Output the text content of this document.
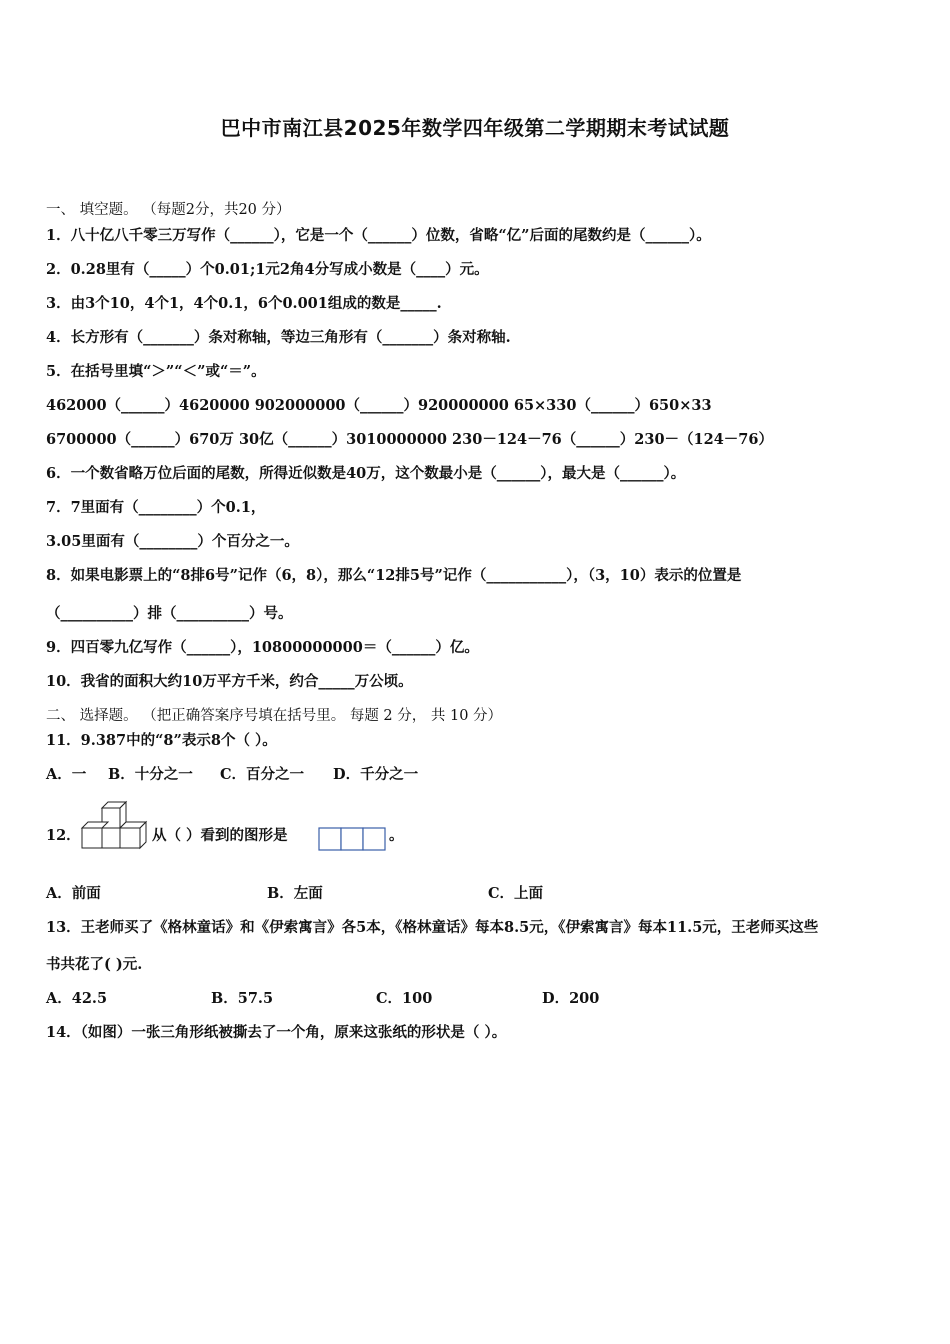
巴中市南江县2025年数学四年级第二学期期末考试试题
一、 填空题。 （每题2分，共20 分）
1．八十亿八千零三万写作（______），它是一个（______）位数，省略“亿”后面的尾数约是（______）。
2．0.28里有（_____）个0.01;1元2角4分写成小数是（____）元。
3．由3个10，4个1，4个0.1，6个0.001组成的数是_____.
4．长方形有（_______）条对称轴，等边三角形有（_______）条对称轴.
5．在括号里填“＞”“＜”或“＝”。
462000（______）4620000 902000000（______）920000000 65×330（______）650×33
6700000（______）670万 30亿（______）3010000000 230－124－76（______）230－（124－76）
6．一个数省略万位后面的尾数，所得近似数是40万，这个数最小是（______），最大是（______）。
7．7里面有（________）个0.1，
3.05里面有（________）个百分之一。
8．如果电影票上的“8排6号”记作（6，8），那么“12排5号”记作（___________），（3，10）表示的位置是
（__________）排（__________）号。
9．四百零九亿写作（______），10800000000＝（______）亿。
10．我省的面积大约10万平方千米，约合_____万公顷。
二、 选择题。 （把正确答案序号填在括号里。 每题 2 分， 共 10 分）
11．9.387中的“8”表示8个（ ）。
A．一 B．十分之一 C．百分之一 D．千分之一
12．	从（ ）看到的图形是	。
A．前面	B．左面	C．上面
13．王老师买了《格林童话》和《伊索寓言》各5本，《格林童话》每本8.5元，《伊索寓言》每本11.5元，王老师买这些
书共花了( )元.
A．42.5	B．57.5	C．100	D．200
14．（如图）一张三角形纸被撕去了一个角，原来这张纸的形状是（ ）。
